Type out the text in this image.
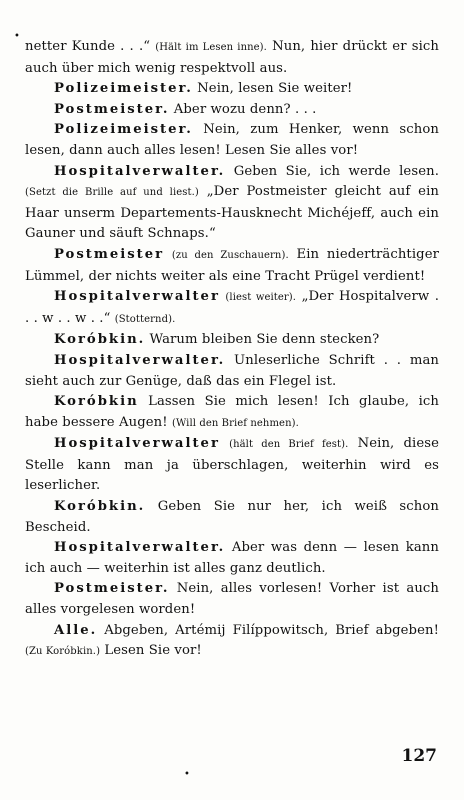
•

netter Kunde . . .“ (Hält im Lesen inne). Nun, hier drückt er sich auch über mich wenig respektvoll aus.

Polizeimeister. Nein, lesen Sie weiter!

Postmeister. Aber wozu denn? . . .

Polizeimeister. Nein, zum Henker, wenn schon lesen, dann auch alles lesen! Lesen Sie alles vor!

Hospitalverwalter. Geben Sie, ich werde lesen. (Setzt die Brille auf und liest.) „Der Postmeister gleicht auf ein Haar unserm Departements-Hausknecht Michéjeff, auch ein Gauner und säuft Schnaps.“

Postmeister (zu den Zuschauern). Ein niederträchtiger Lümmel, der nichts weiter als eine Tracht Prügel verdient!

Hospitalverwalter (liest weiter). „Der Hospitalverw . . . w . . w . .“ (Stotternd).

Koróbkin. Warum bleiben Sie denn stecken?

Hospitalverwalter. Unleserliche Schrift . . man sieht auch zur Genüge, daß das ein Flegel ist.

Koróbkin Lassen Sie mich lesen! Ich glaube, ich habe bessere Augen! (Will den Brief nehmen).

Hospitalverwalter (hält den Brief fest). Nein, diese Stelle kann man ja überschlagen, weiterhin wird es leserlicher.

Koróbkin. Geben Sie nur her, ich weiß schon Bescheid.

Hospitalverwalter. Aber was denn — lesen kann ich auch — weiterhin ist alles ganz deutlich.

Postmeister. Nein, alles vorlesen! Vorher ist auch alles vorgelesen worden!

Alle. Abgeben, Artémij Filíppowitsch, Brief abgeben! (Zu Koróbkin.) Lesen Sie vor!

•
127
